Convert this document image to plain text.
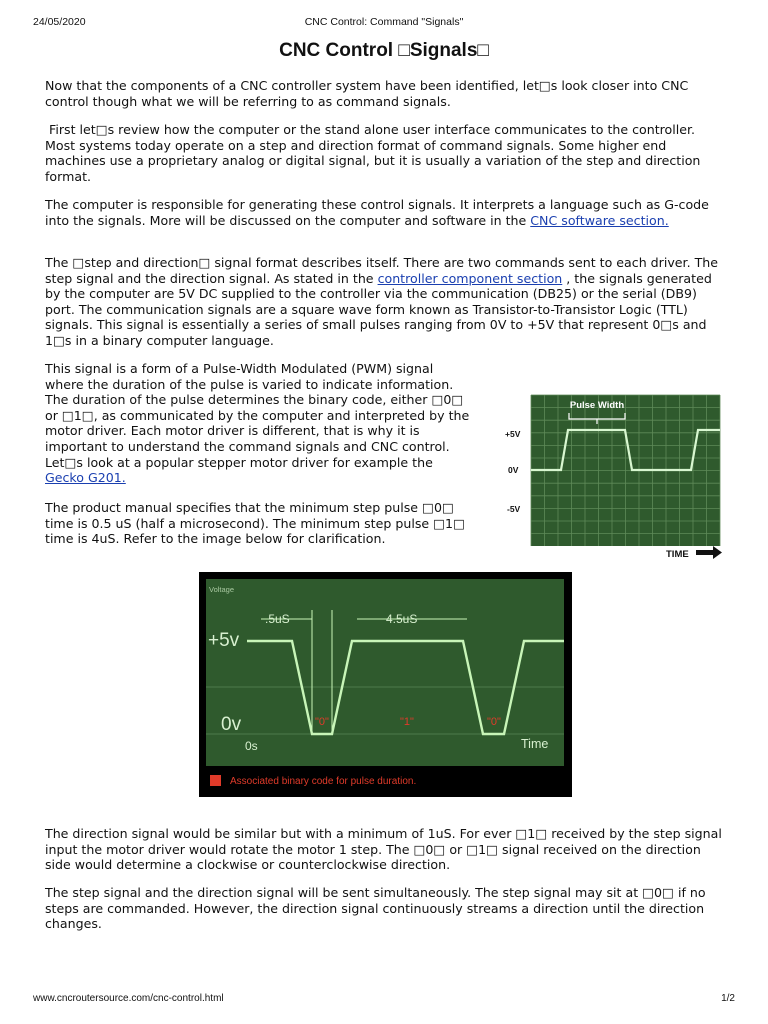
24/05/2020	CNC Control: Command "Signals"
CNC Control □Signals□

Now that the components of a CNC controller system have been identified, let□s look closer into CNC control though what we will be referring to as command signals.

First let□s review how the computer or the stand alone user interface communicates to the controller. Most systems today operate on a step and direction format of command signals. Some higher end machines use a proprietary analog or digital signal, but it is usually a variation of the step and direction format.

The computer is responsible for generating these control signals. It interprets a language such as G-code into the signals. More will be discussed on the computer and software in the CNC software section.

The □step and direction□ signal format describes itself. There are two commands sent to each driver. The step signal and the direction signal. As stated in the controller component section , the signals generated by the computer are 5V DC supplied to the controller via the communication (DB25) or the serial (DB9) port. The communication signals are a square wave form known as Transistor-to-Transistor Logic (TTL) signals. This signal is essentially a series of small pulses ranging from 0V to +5V that represent 0□s and 1□s in a binary computer language.

This signal is a form of a Pulse-Width Modulated (PWM) signal where the duration of the pulse is varied to indicate information. The duration of the pulse determines the binary code, either □0□ or □1□, as communicated by the computer and interpreted by the motor driver. Each motor driver is different, that is why it is important to understand the command signals and CNC control. Let□s look at a popular stepper motor driver for example the Gecko G201.

The product manual specifies that the minimum step pulse □0□ time is 0.5 uS (half a microsecond). The minimum step pulse □1□ time is 4uS. Refer to the image below for clarification.

Pulse Width
+5V
0V
-5V
TIME
Voltage
+5v
0v
0s	Time
.5uS	4.5uS
"0"	"1"	"0"
Associated binary code for pulse duration.

The direction signal would be similar but with a minimum of 1uS. For ever □1□ received by the step signal input the motor driver would rotate the motor 1 step. The □0□ or □1□ signal received on the direction side would determine a clockwise or counterclockwise direction.

The step signal and the direction signal will be sent simultaneously. The step signal may sit at □0□ if no steps are commanded. However, the direction signal continuously streams a direction until the direction changes.

www.cncroutersource.com/cnc-control.html	1/2
